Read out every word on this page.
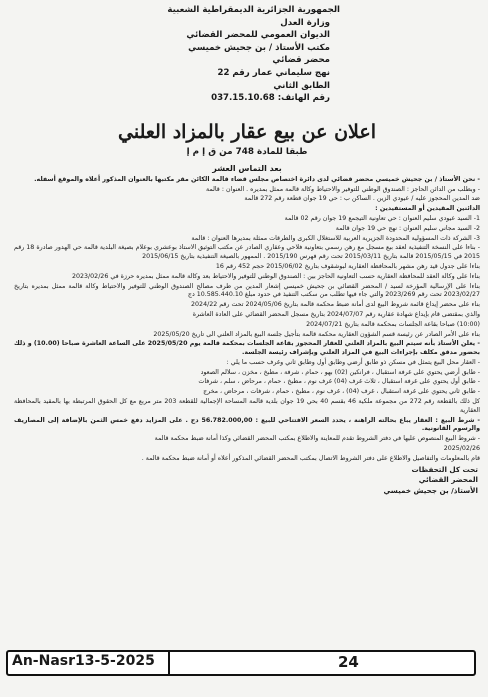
الجمهورية الجزائرية الديمقراطية الشعبية
وزارة العدل
الديوان العمومي للمحضر القضائي
مكتب الأستاذ / بن جحيش خميسي
محضر قضائي
نهج سليماني عمار رقم 22
الطابق الثاني
رقم الهاتف: 037.15.10.68
اعلان عن بيع عقار بالمزاد العلني
طبقا للمادة 748 من ق إ م إ
بعد التماس العشر

- نحن الأستاذ / بن جحيش خميسي محضر قضائي لدى دائرة اختصاص مجلس قضاء قالمة الكائن مقر مكتبها بالعنوان المذكور أعلاه والموقع أسفله.

- وبطلب من الدائن الحاجز : الصندوق الوطني للتوفير والاحتياط وكالة قالمة ممثل بمديره . العنوان : قالمة

ضد المدين المحجوز عليه / عيودي الزين . الساكن ب : حي 19 جوان قطعة رقم 272 قالمة

الدائنين المقيدين أو المستفيدين :

1- السيد عيودي سليم العنوان : حي تعاونية التيجمع 19 جوان رقم 02 قالمة

2- السيد مجاني سليم العنوان : نهج حي 19 جوان قالمة

3- الشركة ذات المسؤولية المحدودة الجزيرية العربية للاستغلال الكبرى والطرقات ممثلة بمديرها العنوان : قالمة

- بناءا على النسخة التنفيذية لعقد بيع مسجل مع رهن رسمي بتعاونية فلاحي وعقاري الصادر عن مكتب التوثيق الاستاذ بوعشري بوعلام بصيغة البلدية قالمة حي الهدور صادرة 18 رقم 2015 في 2015/05/15 قالمة بتاريخ 2015/03/11 تحت رقم فهرس 2015/190 . الممهور بالصيغة التنفيذية بتاريخ 2015/06/15

بناءا على جدول قيد رهن مشهر بالمحافظة العقارية لبوشقوف بتاريخ 2015/06/02 حجم 452 رقم 16

بناءا على وكالة العقد للمحافظة العقارية حسب التعاونية الحاجز بين : الصندوق الوطني للتوفير والاحتياط بعد وكالة قالمة ممثل بمديره حرزة في 2023/02/26

بناءا على الإرسالية المؤرخة لسيد / المحضر القضائي بن جحيش خميسي إشعار المدين من طرف مصالح الصندوق الوطني للتوفير والاحتياط وكالة قالمة ممثل بمديره بتاريخ 2023/02/27 تحت رقم 2023/269 والتي جاء فيها تطلب من سكتب التنفيذ في حدود مبلغ 10.585.440.10 دج

بناء على محضر إيداع قائمة شروط البيع لدى أمانة ضبط محكمة قالمة بتاريخ 2024/05/06 تحت رقم 2024/22

والذي بمقتضى قام بإيداع شهادة عقارية رقم 2024/07/07 بتاريخ مسجل المحضر القضائي على العادة العاشرة

(10:00) صباحا بقاعة الجلسات بمحكمة قالمة بتاريخ 2024/07/21

بناء على الأمر الصادر عن رئيسة قسم الشؤون العقارية محكمة قالمة بتأجيل جلسة البيع بالمزاد العلني الى تاريخ 2025/05/20

- يعلن الأستاذ بأنه سيتم البيع بالمزاد العلني للعقار المحجوز بقاعة الجلسات بمحكمة قالمة يوم 2025/05/20 على الساعة العاشرة صباحا (10.00) و ذلك بحضور مدقق مكلف بإجراءات البيع في المزاد العلني وبإشراف رئيسة الجلسة.

- العقار محل البيع يتمثل في مسكن ذو طابق أرضي وطابق أول وطابق ثاني وغرف حسب ما يلي :

- طابق أرضي يحتوي على غرفة استقبال ، فرانكين (02) بهو ، حمام ، شرفة ، مطبخ ، مخزن ، سلالم الصعود

- طابق أول يحتوي على غرفة استقبال ، ثلاث غرف (04) غرف نوم ، مطبخ ، حمام ، مرحاض ، سلم ، شرفات

- طابق ثاني يحتوي على غرفة استقبال ، غرف (04) ، غرف نوم ، مطبخ ، حمام ، شرفات ، مرحاض ، مخرج

كل ذلك بالقطعة رقم 272 من مجموعة ملكية 46 بقسم 40 بحي 19 جوان بلدية قالمة المساحة الإجمالية للقطعة 203 متر مربع مع كل الحقوق المرتبطة بها بالمقيد بالمحافظة العقارية

- شرط البيع : العقار يباع بحالته الراهنة ، يحدد السعر الافتتاحي للبيع : 56.782.000,00 دج . على المزايد دفع خمس الثمن بالإضافة إلى المصاريف والرسوم القانونية.

- شروط البيع المنصوص عليها في دفتر الشروط تقدم للمعاينة والاطلاع بمكتب المحضر القضائي وكذا أمانة ضبط محكمة قالمة

2025/02/26

قام بالمعلومات والتفاصيل والاطلاع على دفتر الشروط الاتصال بمكتب المحضر القضائي المذكور أعلاه أو أمانة ضبط محكمة قالمة .

تحت كل التحفظات
المحضر القضائي
الأستاذ/ بن جحيش خميسي
An-Nasr13-5-2025	24
